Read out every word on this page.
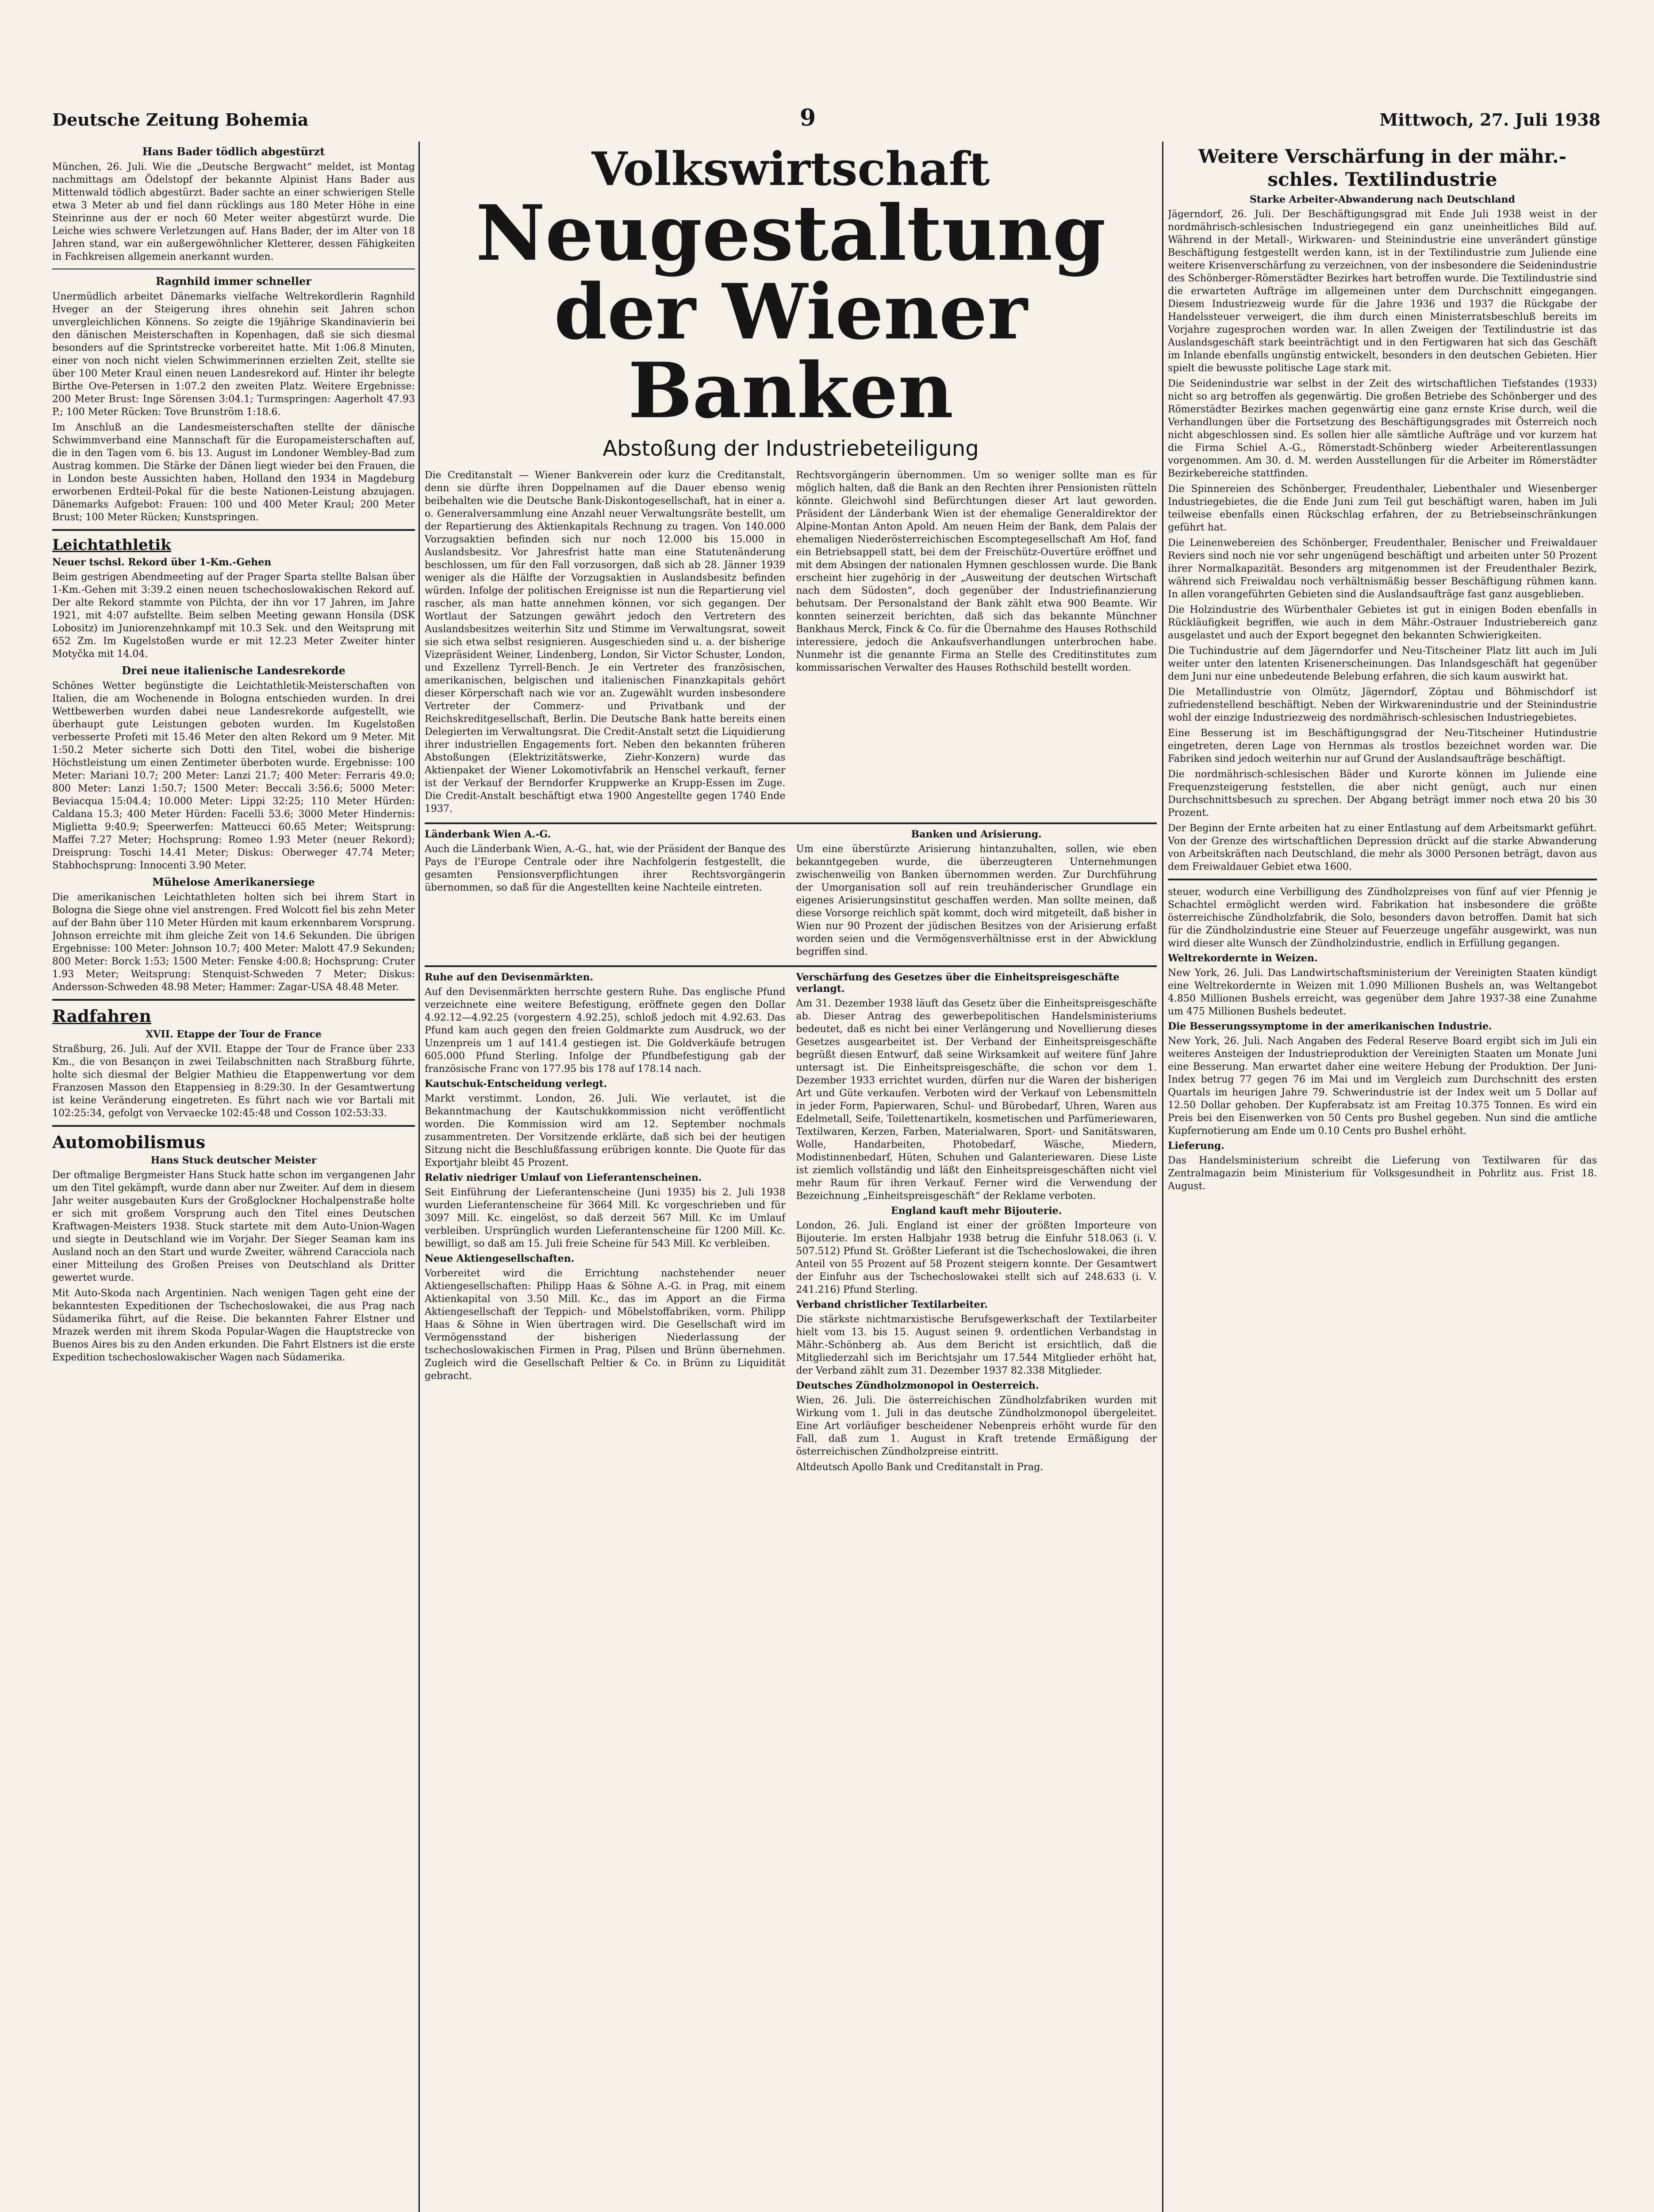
Deutsche Zeitung Bohemia	9	Mittwoch, 27. Juli 1938
Hans Bader tödlich abgestürzt

München, 26. Juli. Wie die „Deutsche Bergwacht“ meldet, ist Montag nachmittags am Ödelstopf der bekannte Alpinist Hans Bader aus Mittenwald tödlich abgestürzt. Bader sachte an einer schwierigen Stelle etwa 3 Meter ab und fiel dann rücklings aus 180 Meter Höhe in eine Steinrinne aus der er noch 60 Meter weiter abgestürzt wurde. Die Leiche wies schwere Verletzungen auf. Hans Bader, der im Alter von 18 Jahren stand, war ein außergewöhnlicher Kletterer, dessen Fähigkeiten in Fachkreisen allgemein anerkannt wurden.

Ragnhild immer schneller

Unermüdlich arbeitet Dänemarks vielfache Weltrekordlerin Ragnhild Hveger an der Steigerung ihres ohnehin seit Jahren schon unvergleichlichen Könnens. So zeigte die 19jährige Skandinavierin bei den dänischen Meisterschaften in Kopenhagen, daß sie sich diesmal besonders auf die Sprintstrecke vorbereitet hatte. Mit 1:06.8 Minuten, einer von noch nicht vielen Schwimmerinnen erzielten Zeit, stellte sie über 100 Meter Kraul einen neuen Landesrekord auf. Hinter ihr belegte Birthe Ove-Petersen in 1:07.2 den zweiten Platz. Weitere Ergebnisse: 200 Meter Brust: Inge Sörensen 3:04.1; Turmspringen: Aagerholt 47.93 P.; 100 Meter Rücken: Tove Brunström 1:18.6.

Im Anschluß an die Landesmeisterschaften stellte der dänische Schwimmverband eine Mannschaft für die Europameisterschaften auf, die in den Tagen vom 6. bis 13. August im Londoner Wembley-Bad zum Austrag kommen. Die Stärke der Dänen liegt wieder bei den Frauen, die in London beste Aussichten haben, Holland den 1934 in Magdeburg erworbenen Erdteil-Pokal für die beste Nationen-Leistung abzujagen. Dänemarks Aufgebot: Frauen: 100 und 400 Meter Kraul; 200 Meter Brust; 100 Meter Rücken; Kunstspringen.

Leichtathletik
Neuer tschsl. Rekord über 1-Km.-Gehen

Beim gestrigen Abendmeeting auf der Prager Sparta stellte Balsan über 1-Km.-Gehen mit 3:39.2 einen neuen tschechoslowakischen Rekord auf. Der alte Rekord stammte von Pilchta, der ihn vor 17 Jahren, im Jahre 1921, mit 4:07 aufstellte. Beim selben Meeting gewann Honsila (DSK Lobositz) im Juniorenzehnkampf mit 10.3 Sek. und den Weitsprung mit 652 Zm. Im Kugelstoßen wurde er mit 12.23 Meter Zweiter hinter Motyčka mit 14.04.

Drei neue italienische Landesrekorde

Schönes Wetter begünstigte die Leichtathletik-Meisterschaften von Italien, die am Wochenende in Bologna entschieden wurden. In drei Wettbewerben wurden dabei neue Landesrekorde aufgestellt, wie überhaupt gute Leistungen geboten wurden. Im Kugelstoßen verbesserte Profeti mit 15.46 Meter den alten Rekord um 9 Meter. Mit 1:50.2 Meter sicherte sich Dotti den Titel, wobei die bisherige Höchstleistung um einen Zentimeter überboten wurde. Ergebnisse: 100 Meter: Mariani 10.7; 200 Meter: Lanzi 21.7; 400 Meter: Ferraris 49.0; 800 Meter: Lanzi 1:50.7; 1500 Meter: Beccali 3:56.6; 5000 Meter: Beviacqua 15:04.4; 10.000 Meter: Lippi 32:25; 110 Meter Hürden: Caldana 15.3; 400 Meter Hürden: Facelli 53.6; 3000 Meter Hindernis: Miglietta 9:40.9; Speerwerfen: Matteucci 60.65 Meter; Weitsprung: Maffei 7.27 Meter; Hochsprung: Romeo 1.93 Meter (neuer Rekord); Dreisprung: Toschi 14.41 Meter; Diskus: Oberweger 47.74 Meter; Stabhochsprung: Innocenti 3.90 Meter.

Mühelose Amerikanersiege

Die amerikanischen Leichtathleten holten sich bei ihrem Start in Bologna die Siege ohne viel anstrengen. Fred Wolcott fiel bis zehn Meter auf der Bahn über 110 Meter Hürden mit kaum erkennbarem Vorsprung. Johnson erreichte mit ihm gleiche Zeit von 14.6 Sekunden. Die übrigen Ergebnisse: 100 Meter: Johnson 10.7; 400 Meter: Malott 47.9 Sekunden; 800 Meter: Borck 1:53; 1500 Meter: Fenske 4:00.8; Hochsprung: Cruter 1.93 Meter; Weitsprung: Stenquist-Schweden 7 Meter; Diskus: Andersson-Schweden 48.98 Meter; Hammer: Zagar-USA 48.48 Meter.

Radfahren
XVII. Etappe der Tour de France

Straßburg, 26. Juli. Auf der XVII. Etappe der Tour de France über 233 Km., die von Besançon in zwei Teilabschnitten nach Straßburg führte, holte sich diesmal der Belgier Mathieu die Etappenwertung vor dem Franzosen Masson den Etappensieg in 8:29:30. In der Gesamtwertung ist keine Veränderung eingetreten. Es führt nach wie vor Bartali mit 102:25:34, gefolgt von Vervaecke 102:45:48 und Cosson 102:53:33.

Automobilismus
Hans Stuck deutscher Meister

Der oftmalige Bergmeister Hans Stuck hatte schon im vergangenen Jahr um den Titel gekämpft, wurde dann aber nur Zweiter. Auf dem in diesem Jahr weiter ausgebauten Kurs der Großglockner Hochalpenstraße holte er sich mit großem Vorsprung auch den Titel eines Deutschen Kraftwagen-Meisters 1938. Stuck startete mit dem Auto-Union-Wagen und siegte in Deutschland wie im Vorjahr. Der Sieger Seaman kam ins Ausland noch an den Start und wurde Zweiter, während Caracciola nach einer Mitteilung des Großen Preises von Deutschland als Dritter gewertet wurde.

Mit Auto-Skoda nach Argentinien. Nach wenigen Tagen geht eine der bekanntesten Expeditionen der Tschechoslowakei, die aus Prag nach Südamerika führt, auf die Reise. Die bekannten Fahrer Elstner und Mrazek werden mit ihrem Skoda Popular-Wagen die Hauptstrecke von Buenos Aires bis zu den Anden erkunden. Die Fahrt Elstners ist die erste Expedition tschechoslowakischer Wagen nach Südamerika.

Volkswirtschaft
Neugestaltung
der Wiener Banken
Abstoßung der Industriebeteiligung

Die Creditanstalt — Wiener Bankverein oder kurz die Creditanstalt, denn sie dürfte ihren Doppelnamen auf die Dauer ebenso wenig beibehalten wie die Deutsche Bank-Diskontogesellschaft, hat in einer a. o. Generalversammlung eine Anzahl neuer Verwaltungsräte bestellt, um der Repartierung des Aktienkapitals Rechnung zu tragen. Von 140.000 Vorzugsaktien befinden sich nur noch 12.000 bis 15.000 in Auslandsbesitz. Vor Jahresfrist hatte man eine Statutenänderung beschlossen, um für den Fall vorzusorgen, daß sich ab 28. Jänner 1939 weniger als die Hälfte der Vorzugsaktien in Auslandsbesitz befinden würden. Infolge der politischen Ereignisse ist nun die Repartierung viel rascher, als man hatte annehmen können, vor sich gegangen. Der Wortlaut der Satzungen gewährt jedoch den Vertretern des Auslandsbesitzes weiterhin Sitz und Stimme im Verwaltungsrat, soweit sie sich etwa selbst resignieren. Ausgeschieden sind u. a. der bisherige Vizepräsident Weiner, Lindenberg, London, Sir Victor Schuster, London, und Exzellenz Tyrrell-Bench. Je ein Vertreter des französischen, amerikanischen, belgischen und italienischen Finanzkapitals gehört dieser Körperschaft nach wie vor an. Zugewählt wurden insbesondere Vertreter der Commerz- und Privatbank und der Reichskreditgesellschaft, Berlin. Die Deutsche Bank hatte bereits einen Delegierten im Verwaltungsrat. Die Credit-Anstalt setzt die Liquidierung ihrer industriellen Engagements fort. Neben den bekannten früheren Abstoßungen (Elektrizitätswerke, Ziehr-Konzern) wurde das Aktienpaket der Wiener Lokomotivfabrik an Henschel verkauft, ferner ist der Verkauf der Berndorfer Kruppwerke an Krupp-Essen im Zuge. Die Credit-Anstalt beschäftigt etwa 1900 Angestellte gegen 1740 Ende 1937.

Rechtsvorgängerin übernommen. Um so weniger sollte man es für möglich halten, daß die Bank an den Rechten ihrer Pensionisten rütteln könnte. Gleichwohl sind Befürchtungen dieser Art laut geworden. Präsident der Länderbank Wien ist der ehemalige Generaldirektor der Alpine-Montan Anton Apold. Am neuen Heim der Bank, dem Palais der ehemaligen Niederösterreichischen Escomptegesellschaft Am Hof, fand ein Betriebsappell statt, bei dem der Freischütz-Ouvertüre eröffnet und mit dem Absingen der nationalen Hymnen geschlossen wurde. Die Bank erscheint hier zugehörig in der „Ausweitung der deutschen Wirtschaft nach dem Südosten“, doch gegenüber der Industriefinanzierung behutsam. Der Personalstand der Bank zählt etwa 900 Beamte. Wir konnten seinerzeit berichten, daß sich das bekannte Münchner Bankhaus Merck, Finck & Co. für die Übernahme des Hauses Rothschild interessiere, jedoch die Ankaufsverhandlungen unterbrochen habe. Nunmehr ist die genannte Firma an Stelle des Creditinstitutes zum kommissarischen Verwalter des Hauses Rothschild bestellt worden.

Länderbank Wien A.-G.

Auch die Länderbank Wien, A.-G., hat, wie der Präsident der Banque des Pays de l'Europe Centrale oder ihre Nachfolgerin festgestellt, die gesamten Pensionsverpflichtungen ihrer Rechtsvorgängerin übernommen, so daß für die Angestellten keine Nachteile eintreten.

Banken und Arisierung.

Um eine überstürzte Arisierung hintanzuhalten, sollen, wie eben bekanntgegeben wurde, die überzeugteren Unternehmungen zwischenweilig von Banken übernommen werden. Zur Durchführung der Umorganisation soll auf rein treuhänderischer Grundlage ein eigenes Arisierungsinstitut geschaffen werden. Man sollte meinen, daß diese Vorsorge reichlich spät kommt, doch wird mitgeteilt, daß bisher in Wien nur 90 Prozent der jüdischen Besitzes von der Arisierung erfaßt worden seien und die Vermögensverhältnisse erst in der Abwicklung begriffen sind.

Ruhe auf den Devisenmärkten.

Auf den Devisenmärkten herrschte gestern Ruhe. Das englische Pfund verzeichnete eine weitere Befestigung, eröffnete gegen den Dollar 4.92.12—4.92.25 (vorgestern 4.92.25), schloß jedoch mit 4.92.63. Das Pfund kam auch gegen den freien Goldmarkte zum Ausdruck, wo der Unzenpreis um 1 auf 141.4 gestiegen ist. Die Goldverkäufe betrugen 605.000 Pfund Sterling. Infolge der Pfundbefestigung gab der französische Franc von 177.95 bis 178 auf 178.14 nach.

Kautschuk-Entscheidung verlegt.

Markt verstimmt. London, 26. Juli. Wie verlautet, ist die Bekanntmachung der Kautschukkommission nicht veröffentlicht worden. Die Kommission wird am 12. September nochmals zusammentreten. Der Vorsitzende erklärte, daß sich bei der heutigen Sitzung nicht die Beschlußfassung erübrigen konnte. Die Quote für das Exportjahr bleibt 45 Prozent.

Relativ niedriger Umlauf von Lieferantenscheinen.

Seit Einführung der Lieferantenscheine (Juni 1935) bis 2. Juli 1938 wurden Lieferantenscheine für 3664 Mill. Kc vorgeschrieben und für 3097 Mill. Kc. eingelöst, so daß derzeit 567 Mill. Kc im Umlauf verbleiben. Ursprünglich wurden Lieferantenscheine für 1200 Mill. Kc. bewilligt, so daß am 15. Juli freie Scheine für 543 Mill. Kc verbleiben.

Neue Aktiengesellschaften.

Vorbereitet wird die Errichtung nachstehender neuer Aktiengesellschaften: Philipp Haas & Söhne A.-G. in Prag, mit einem Aktienkapital von 3.50 Mill. Kc., das im Apport an die Firma Aktiengesellschaft der Teppich- und Möbelstoffabriken, vorm. Philipp Haas & Söhne in Wien übertragen wird. Die Gesellschaft wird im Vermögensstand der bisherigen Niederlassung der tschechoslowakischen Firmen in Prag, Pilsen und Brünn übernehmen. Zugleich wird die Gesellschaft Peltier & Co. in Brünn zu Liquidität gebracht.

Verschärfung des Gesetzes über die Einheitspreisgeschäfte verlangt.

Am 31. Dezember 1938 läuft das Gesetz über die Einheitspreisgeschäfte ab. Dieser Antrag des gewerbepolitischen Handelsministeriums bedeutet, daß es nicht bei einer Verlängerung und Novellierung dieses Gesetzes ausgearbeitet ist. Der Verband der Einheitspreisgeschäfte begrüßt diesen Entwurf, daß seine Wirksamkeit auf weitere fünf Jahre untersagt ist. Die Einheitspreisgeschäfte, die schon vor dem 1. Dezember 1933 errichtet wurden, dürfen nur die Waren der bisherigen Art und Güte verkaufen. Verboten wird der Verkauf von Lebensmitteln in jeder Form, Papierwaren, Schul- und Bürobedarf, Uhren, Waren aus Edelmetall, Seife, Toilettenartikeln, kosmetischen und Parfümeriewaren, Textilwaren, Kerzen, Farben, Materialwaren, Sport- und Sanitätswaren, Wolle, Handarbeiten, Photobedarf, Wäsche, Miedern, Modistinnenbedarf, Hüten, Schuhen und Galanteriewaren. Diese Liste ist ziemlich vollständig und läßt den Einheitspreisgeschäften nicht viel mehr Raum für ihren Verkauf. Ferner wird die Verwendung der Bezeichnung „Einheitspreisgeschäft“ der Reklame verboten.

England kauft mehr Bijouterie.

London, 26. Juli. England ist einer der größten Importeure von Bijouterie. Im ersten Halbjahr 1938 betrug die Einfuhr 518.063 (i. V. 507.512) Pfund St. Größter Lieferant ist die Tschechoslowakei, die ihren Anteil von 55 Prozent auf 58 Prozent steigern konnte. Der Gesamtwert der Einfuhr aus der Tschechoslowakei stellt sich auf 248.633 (i. V. 241.216) Pfund Sterling.

Verband christlicher Textilarbeiter.

Die stärkste nichtmarxistische Berufsgewerkschaft der Textilarbeiter hielt vom 13. bis 15. August seinen 9. ordentlichen Verbandstag in Mähr.-Schönberg ab. Aus dem Bericht ist ersichtlich, daß die Mitgliederzahl sich im Berichtsjahr um 17.544 Mitglieder erhöht hat, der Verband zählt zum 31. Dezember 1937 82.338 Mitglieder.

Deutsches Zündholzmonopol in Oesterreich.

Wien, 26. Juli. Die österreichischen Zündholzfabriken wurden mit Wirkung vom 1. Juli in das deutsche Zündholzmonopol übergeleitet. Eine Art vorläufiger bescheidener Nebenpreis erhöht wurde für den Fall, daß zum 1. August in Kraft tretende Ermäßigung der österreichischen Zündholzpreise eintritt.

Altdeutsch Apollo Bank und Creditanstalt in Prag.

Weitere Verschärfung in der mähr.-schles. Textilindustrie
Starke Arbeiter-Abwanderung nach Deutschland

Jägerndorf, 26. Juli. Der Beschäftigungsgrad mit Ende Juli 1938 weist in der nordmährisch-schlesischen Industriegegend ein ganz uneinheitliches Bild auf. Während in der Metall-, Wirkwaren- und Steinindustrie eine unverändert günstige Beschäftigung festgestellt werden kann, ist in der Textilindustrie zum Juliende eine weitere Krisenverschärfung zu verzeichnen, von der insbesondere die Seidenindustrie des Schönberger-Römerstädter Bezirkes hart betroffen wurde. Die Textilindustrie sind die erwarteten Aufträge im allgemeinen unter dem Durchschnitt eingegangen. Diesem Industriezweig wurde für die Jahre 1936 und 1937 die Rückgabe der Handelssteuer verweigert, die ihm durch einen Ministerratsbeschluß bereits im Vorjahre zugesprochen worden war. In allen Zweigen der Textilindustrie ist das Auslandsgeschäft stark beeinträchtigt und in den Fertigwaren hat sich das Geschäft im Inlande ebenfalls ungünstig entwickelt, besonders in den deutschen Gebieten. Hier spielt die bewusste politische Lage stark mit.

Die Seidenindustrie war selbst in der Zeit des wirtschaftlichen Tiefstandes (1933) nicht so arg betroffen als gegenwärtig. Die großen Betriebe des Schönberger und des Römerstädter Bezirkes machen gegenwärtig eine ganz ernste Krise durch, weil die Verhandlungen über die Fortsetzung des Beschäftigungsgrades mit Österreich noch nicht abgeschlossen sind. Es sollen hier alle sämtliche Aufträge und vor kurzem hat die Firma Schiel A.-G., Römerstadt-Schönberg wieder Arbeiterentlassungen vorgenommen. Am 30. d. M. werden Ausstellungen für die Arbeiter im Römerstädter Bezirkebereiche stattfinden.

Die Spinnereien des Schönberger, Freudenthaler, Liebenthaler und Wiesenberger Industriegebietes, die die Ende Juni zum Teil gut beschäftigt waren, haben im Juli teilweise ebenfalls einen Rückschlag erfahren, der zu Betriebseinschränkungen geführt hat.

Die Leinenwebereien des Schönberger, Freudenthaler, Benischer und Freiwaldauer Reviers sind noch nie vor sehr ungenügend beschäftigt und arbeiten unter 50 Prozent ihrer Normalkapazität. Besonders arg mitgenommen ist der Freudenthaler Bezirk, während sich Freiwaldau noch verhältnismäßig besser Beschäftigung rühmen kann. In allen vorangeführten Gebieten sind die Auslandsaufträge fast ganz ausgeblieben.

Die Holzindustrie des Würbenthaler Gebietes ist gut in einigen Boden ebenfalls in Rückläufigkeit begriffen, wie auch in dem Mähr.-Ostrauer Industriebereich ganz ausgelastet und auch der Export begegnet den bekannten Schwierigkeiten.

Die Tuchindustrie auf dem Jägerndorfer und Neu-Titscheiner Platz litt auch im Juli weiter unter den latenten Krisenerscheinungen. Das Inlandsgeschäft hat gegenüber dem Juni nur eine unbedeutende Belebung erfahren, die sich kaum auswirkt hat.

Die Metallindustrie von Olmütz, Jägerndorf, Zöptau und Böhmischdorf ist zufriedenstellend beschäftigt. Neben der Wirkwarenindustrie und der Steinindustrie wohl der einzige Industriezweig des nordmährisch-schlesischen Industriegebietes.

Eine Besserung ist im Beschäftigungsgrad der Neu-Titscheiner Hutindustrie eingetreten, deren Lage von Hernmas als trostlos bezeichnet worden war. Die Fabriken sind jedoch weiterhin nur auf Grund der Auslandsaufträge beschäftigt.

Die nordmährisch-schlesischen Bäder und Kurorte können im Juliende eine Frequenzsteigerung feststellen, die aber nicht genügt, auch nur einen Durchschnittsbesuch zu sprechen. Der Abgang beträgt immer noch etwa 20 bis 30 Prozent.

Der Beginn der Ernte arbeiten hat zu einer Entlastung auf dem Arbeitsmarkt geführt. Von der Grenze des wirtschaftlichen Depression drückt auf die starke Abwanderung von Arbeitskräften nach Deutschland, die mehr als 3000 Personen beträgt, davon aus dem Freiwaldauer Gebiet etwa 1600.

steuer, wodurch eine Verbilligung des Zündholzpreises von fünf auf vier Pfennig je Schachtel ermöglicht werden wird. Fabrikation hat insbesondere die größte österreichische Zündholzfabrik, die Solo, besonders davon betroffen. Damit hat sich für die Zündholzindustrie eine Steuer auf Feuerzeuge ungefähr ausgewirkt, was nun wird dieser alte Wunsch der Zündholzindustrie, endlich in Erfüllung gegangen.

Weltrekordernte in Weizen.

New York, 26. Juli. Das Landwirtschaftsministerium der Vereinigten Staaten kündigt eine Weltrekordernte in Weizen mit 1.090 Millionen Bushels an, was Weltangebot 4.850 Millionen Bushels erreicht, was gegenüber dem Jahre 1937-38 eine Zunahme um 475 Millionen Bushels bedeutet.

Die Besserungssymptome in der amerikanischen Industrie.

New York, 26. Juli. Nach Angaben des Federal Reserve Board ergibt sich im Juli ein weiteres Ansteigen der Industrieproduktion der Vereinigten Staaten um Monate Juni eine Besserung. Man erwartet daher eine weitere Hebung der Produktion. Der Juni-Index betrug 77 gegen 76 im Mai und im Vergleich zum Durchschnitt des ersten Quartals im heurigen Jahre 79. Schwerindustrie ist der Index weit um 5 Dollar auf 12.50 Dollar gehoben. Der Kupferabsatz ist am Freitag 10.375 Tonnen. Es wird ein Preis bei den Eisenwerken von 50 Cents pro Bushel gegeben. Nun sind die amtliche Kupfernotierung am Ende um 0.10 Cents pro Bushel erhöht.

Lieferung.

Das Handelsministerium schreibt die Lieferung von Textilwaren für das Zentralmagazin beim Ministerium für Volksgesundheit in Pohrlitz aus. Frist 18. August.
